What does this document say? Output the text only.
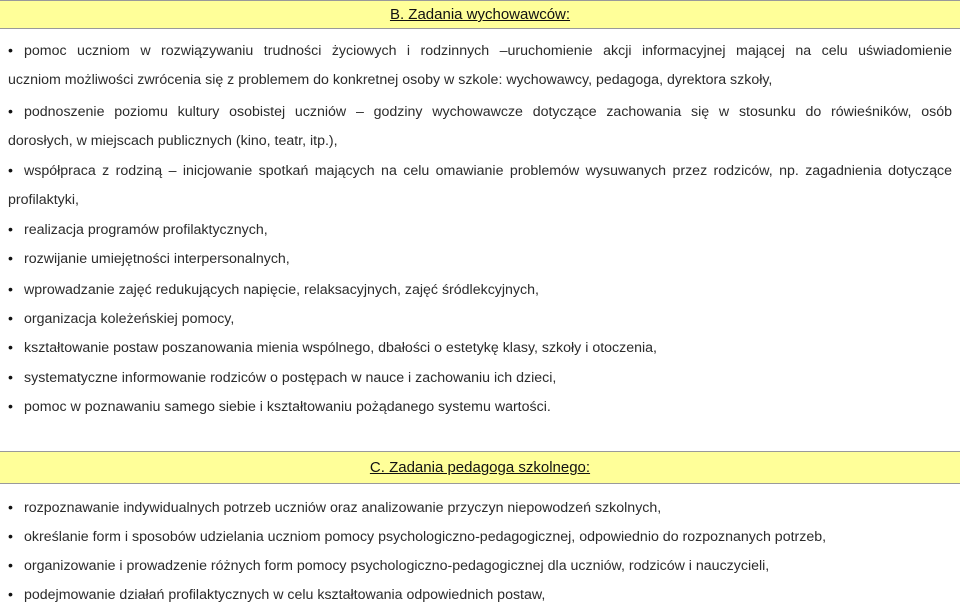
B. Zadania wychowawców:
• pomoc uczniom w rozwiązywaniu trudności życiowych i rodzinnych –uruchomienie akcji informacyjnej mającej na celu uświadomienie
uczniom możliwości zwrócenia się z problemem do konkretnej osoby w szkole: wychowawcy, pedagoga, dyrektora szkoły,
• podnoszenie poziomu kultury osobistej uczniów – godziny wychowawcze dotyczące zachowania się w stosunku do rówieśników, osób
dorosłych, w miejscach publicznych (kino, teatr, itp.),
• współpraca z rodziną – inicjowanie spotkań mających na celu omawianie problemów wysuwanych przez rodziców, np. zagadnienia dotyczące
profilaktyki,
• realizacja programów profilaktycznych,
• rozwijanie umiejętności interpersonalnych,
• wprowadzanie zajęć redukujących napięcie, relaksacyjnych, zajęć śródlekcyjnych,
• organizacja koleżeńskiej pomocy,
• kształtowanie postaw poszanowania mienia wspólnego, dbałości o estetykę klasy, szkoły i otoczenia,
• systematyczne informowanie rodziców o postępach w nauce i zachowaniu ich dzieci,
• pomoc w poznawaniu samego siebie i kształtowaniu pożądanego systemu wartości.
C. Zadania pedagoga szkolnego:
• rozpoznawanie indywidualnych potrzeb uczniów oraz analizowanie przyczyn niepowodzeń szkolnych,
• określanie form i sposobów udzielania uczniom pomocy psychologiczno-pedagogicznej, odpowiednio do rozpoznanych potrzeb,
• organizowanie i prowadzenie różnych form pomocy psychologiczno-pedagogicznej dla uczniów, rodziców i nauczycieli,
• podejmowanie działań profilaktycznych w celu kształtowania odpowiednich postaw,
